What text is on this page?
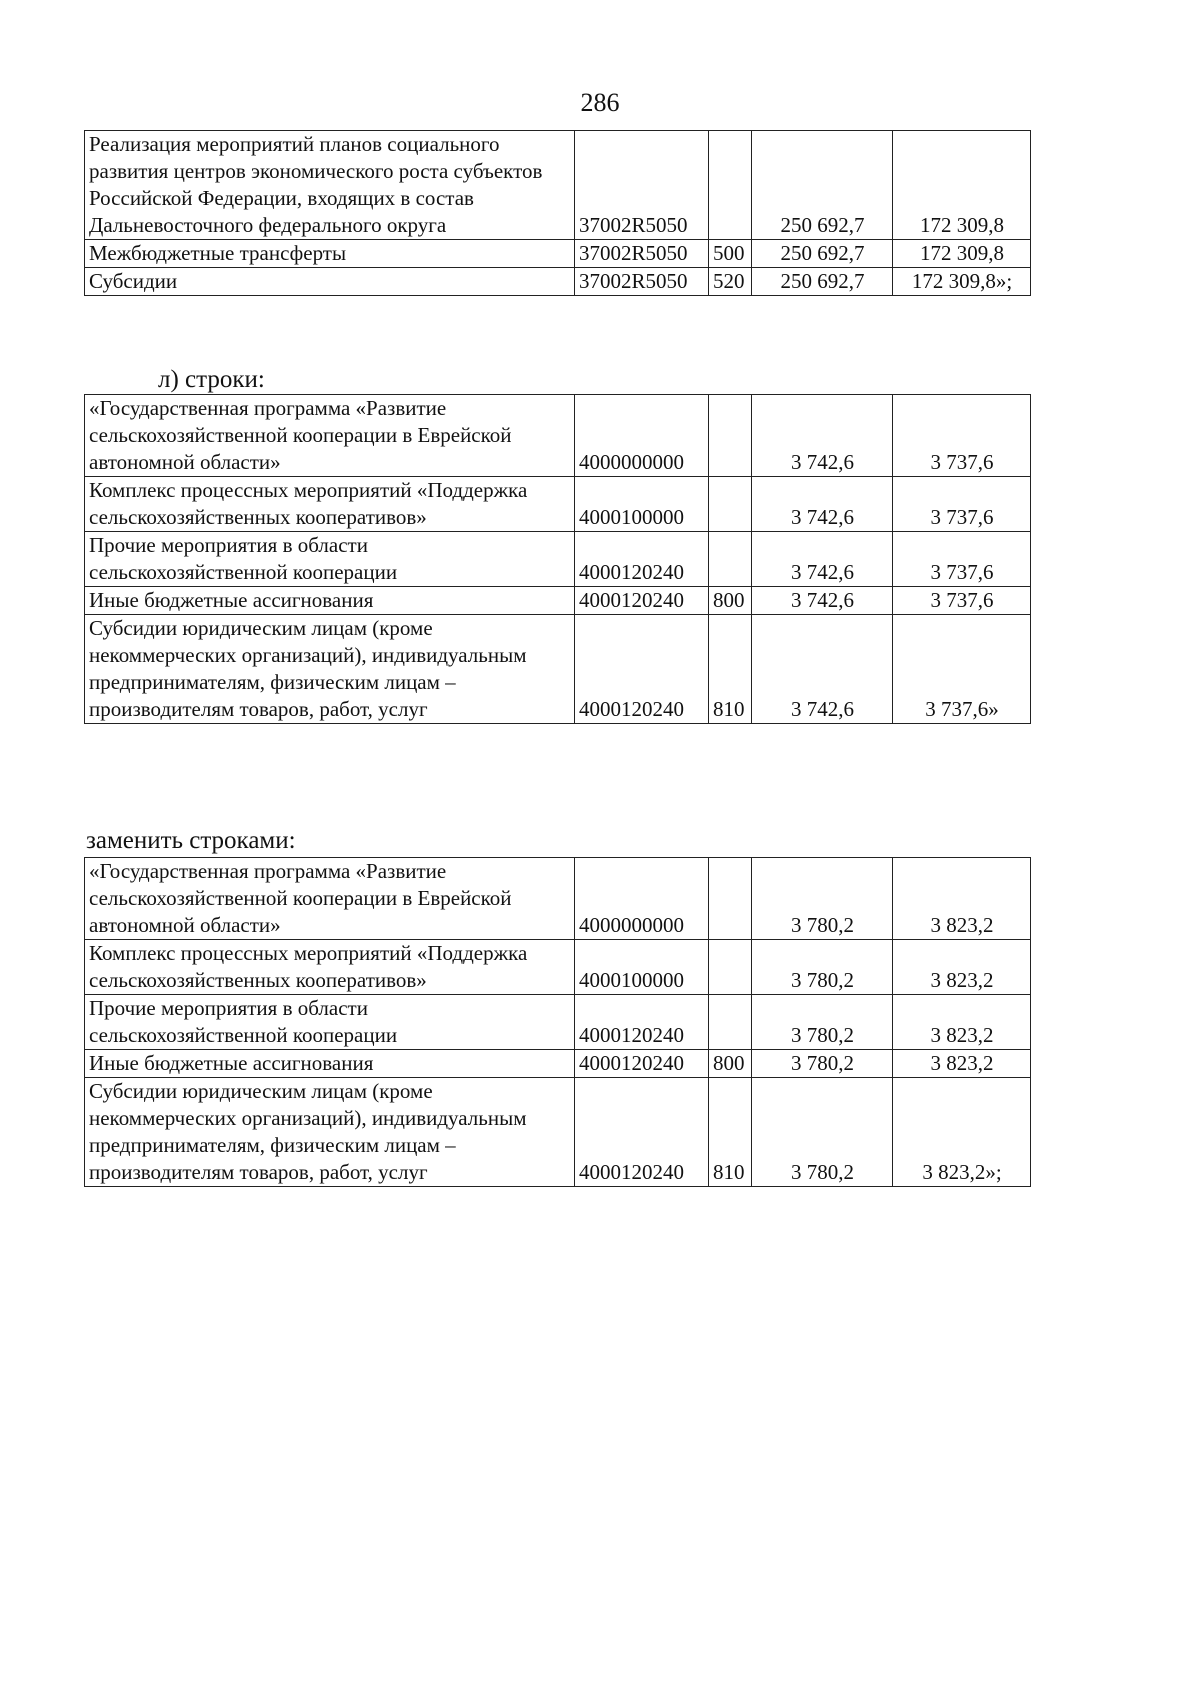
286
Реализация мероприятий планов социального развития центров экономического роста субъектов Российской Федерации, входящих в состав Дальневосточного федерального округа	37002R5050		250 692,7	172 309,8
Межбюджетные трансферты	37002R5050	500	250 692,7	172 309,8
Субсидии	37002R5050	520	250 692,7	172 309,8»;
л) строки:
«Государственная программа «Развитие сельскохозяйственной кооперации в Еврейской автономной области»	4000000000		3 742,6	3 737,6
Комплекс процессных мероприятий «Поддержка сельскохозяйственных кооперативов»	4000100000		3 742,6	3 737,6
Прочие мероприятия в области сельскохозяйственной кооперации	4000120240		3 742,6	3 737,6
Иные бюджетные ассигнования	4000120240	800	3 742,6	3 737,6
Субсидии юридическим лицам (кроме некоммерческих организаций), индивидуальным предпринимателям, физическим лицам – производителям товаров, работ, услуг	4000120240	810	3 742,6	3 737,6»
заменить строками:
«Государственная программа «Развитие сельскохозяйственной кооперации в Еврейской автономной области»	4000000000		3 780,2	3 823,2
Комплекс процессных мероприятий «Поддержка сельскохозяйственных кооперативов»	4000100000		3 780,2	3 823,2
Прочие мероприятия в области сельскохозяйственной кооперации	4000120240		3 780,2	3 823,2
Иные бюджетные ассигнования	4000120240	800	3 780,2	3 823,2
Субсидии юридическим лицам (кроме некоммерческих организаций), индивидуальным предпринимателям, физическим лицам – производителям товаров, работ, услуг	4000120240	810	3 780,2	3 823,2»;
